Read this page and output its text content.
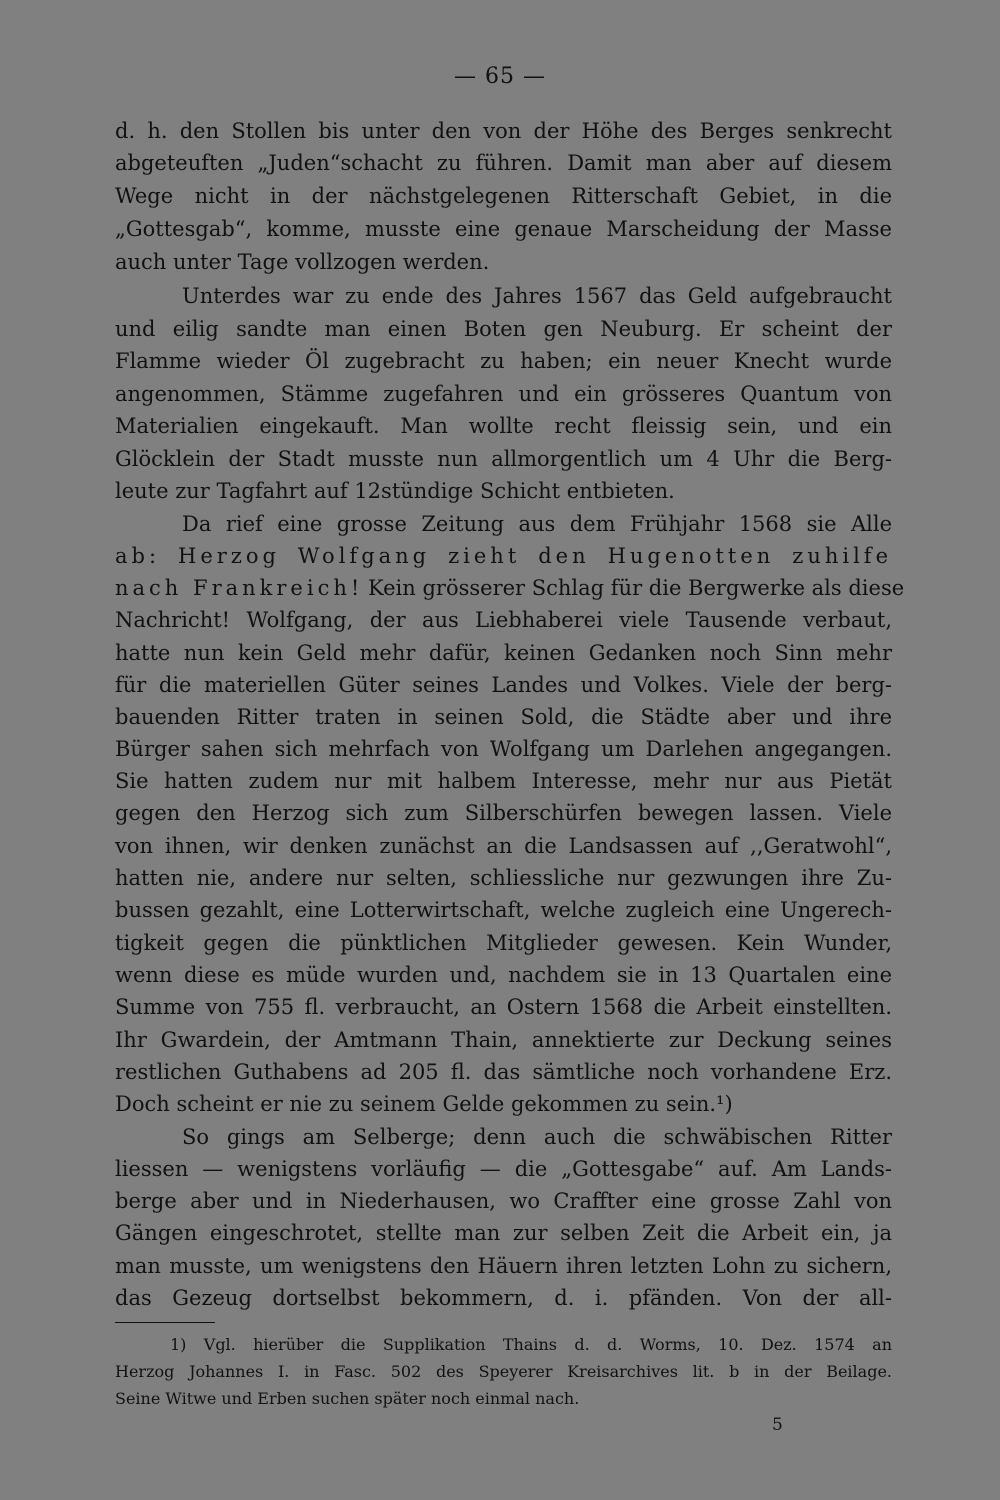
— 65 —
d. h. den Stollen bis unter den von der Höhe des Berges senkrecht
abgeteuften „Juden“schacht zu führen. Damit man aber auf diesem
Wege nicht in der nächstgelegenen Ritterschaft Gebiet, in die
„Gottesgab“, komme, musste eine genaue Marscheidung der Masse
auch unter Tage vollzogen werden.
Unterdes war zu ende des Jahres 1567 das Geld aufgebraucht
und eilig sandte man einen Boten gen Neuburg. Er scheint der
Flamme wieder Öl zugebracht zu haben; ein neuer Knecht wurde
angenommen, Stämme zugefahren und ein grösseres Quantum von
Materialien eingekauft. Man wollte recht fleissig sein, und ein
Glöcklein der Stadt musste nun allmorgentlich um 4 Uhr die Berg-
leute zur Tagfahrt auf 12stündige Schicht entbieten.
Da rief eine grosse Zeitung aus dem Frühjahr 1568 sie Alle
ab: Herzog Wolfgang zieht den Hugenotten zuhilfe
nach Frankreich! Kein grösserer Schlag für die Bergwerke als diese
Nachricht! Wolfgang, der aus Liebhaberei viele Tausende verbaut,
hatte nun kein Geld mehr dafür, keinen Gedanken noch Sinn mehr
für die materiellen Güter seines Landes und Volkes. Viele der berg-
bauenden Ritter traten in seinen Sold, die Städte aber und ihre
Bürger sahen sich mehrfach von Wolfgang um Darlehen angegangen.
Sie hatten zudem nur mit halbem Interesse, mehr nur aus Pietät
gegen den Herzog sich zum Silberschürfen bewegen lassen. Viele
von ihnen, wir denken zunächst an die Landsassen auf ,,Geratwohl“,
hatten nie, andere nur selten, schliessliche nur gezwungen ihre Zu-
bussen gezahlt, eine Lotterwirtschaft, welche zugleich eine Ungerech-
tigkeit gegen die pünktlichen Mitglieder gewesen. Kein Wunder,
wenn diese es müde wurden und, nachdem sie in 13 Quartalen eine
Summe von 755 fl. verbraucht, an Ostern 1568 die Arbeit einstellten.
Ihr Gwardein, der Amtmann Thain, annektierte zur Deckung seines
restlichen Guthabens ad 205 fl. das sämtliche noch vorhandene Erz.
Doch scheint er nie zu seinem Gelde gekommen zu sein.¹)
So gings am Selberge; denn auch die schwäbischen Ritter
liessen — wenigstens vorläufig — die „Gottesgabe“ auf. Am Lands-
berge aber und in Niederhausen, wo Craffter eine grosse Zahl von
Gängen eingeschrotet, stellte man zur selben Zeit die Arbeit ein, ja
man musste, um wenigstens den Häuern ihren letzten Lohn zu sichern,
das Gezeug dortselbst bekommern, d. i. pfänden. Von der all-
1) Vgl. hierüber die Supplikation Thains d. d. Worms, 10. Dez. 1574 an
Herzog Johannes I. in Fasc. 502 des Speyerer Kreisarchives lit. b in der Beilage.
Seine Witwe und Erben suchen später noch einmal nach.
5
